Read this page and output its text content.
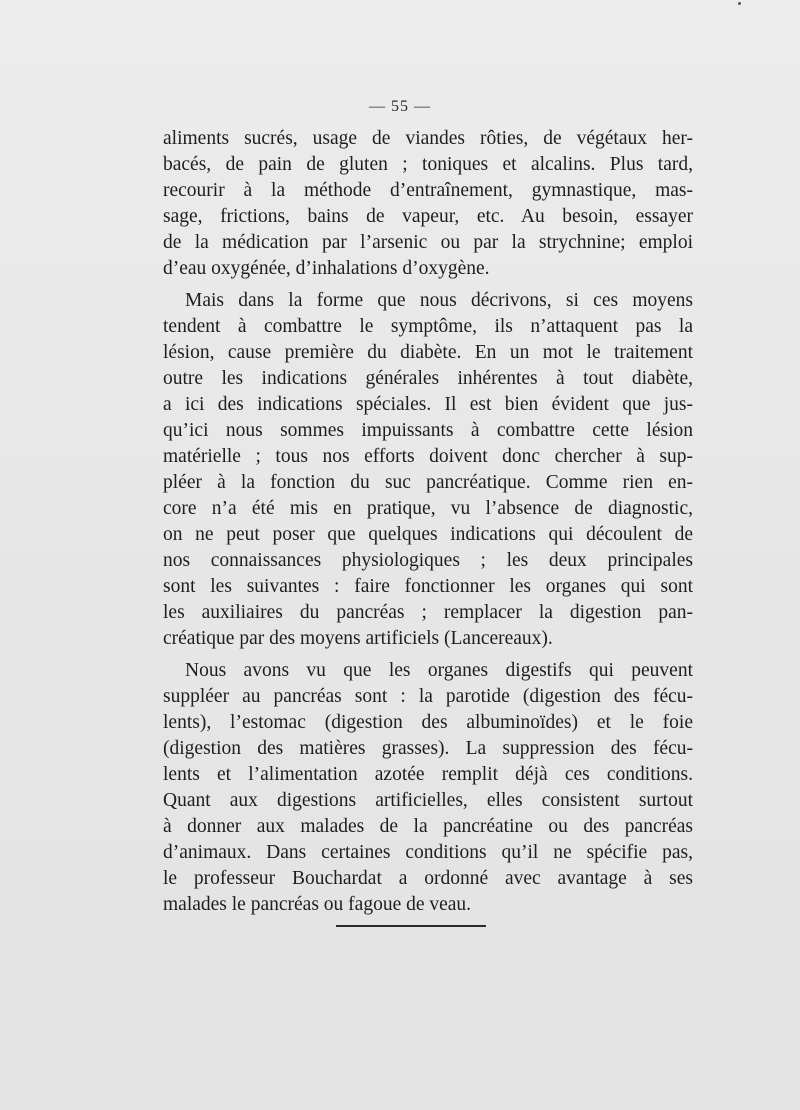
— 55 —
aliments sucrés, usage de viandes rôties, de végétaux her-
bacés, de pain de gluten ; toniques et alcalins. Plus tard,
recourir à la méthode d’entraînement, gymnastique, mas-
sage, frictions, bains de vapeur, etc. Au besoin, essayer
de la médication par l’arsenic ou par la strychnine; emploi
d’eau oxygénée, d’inhalations d’oxygène.
Mais dans la forme que nous décrivons, si ces moyens
tendent à combattre le symptôme, ils n’attaquent pas la
lésion, cause première du diabète. En un mot le traitement
outre les indications générales inhérentes à tout diabète,
a ici des indications spéciales. Il est bien évident que jus-
qu’ici nous sommes impuissants à combattre cette lésion
matérielle ; tous nos efforts doivent donc chercher à sup-
pléer à la fonction du suc pancréatique. Comme rien en-
core n’a été mis en pratique, vu l’absence de diagnostic,
on ne peut poser que quelques indications qui découlent de
nos connaissances physiologiques ; les deux principales
sont les suivantes : faire fonctionner les organes qui sont
les auxiliaires du pancréas ; remplacer la digestion pan-
créatique par des moyens artificiels (Lancereaux).
Nous avons vu que les organes digestifs qui peuvent
suppléer au pancréas sont : la parotide (digestion des fécu-
lents), l’estomac (digestion des albuminoïdes) et le foie
(digestion des matières grasses). La suppression des fécu-
lents et l’alimentation azotée remplit déjà ces conditions.
Quant aux digestions artificielles, elles consistent surtout
à donner aux malades de la pancréatine ou des pancréas
d’animaux. Dans certaines conditions qu’il ne spécifie pas,
le professeur Bouchardat a ordonné avec avantage à ses
malades le pancréas ou fagoue de veau.
